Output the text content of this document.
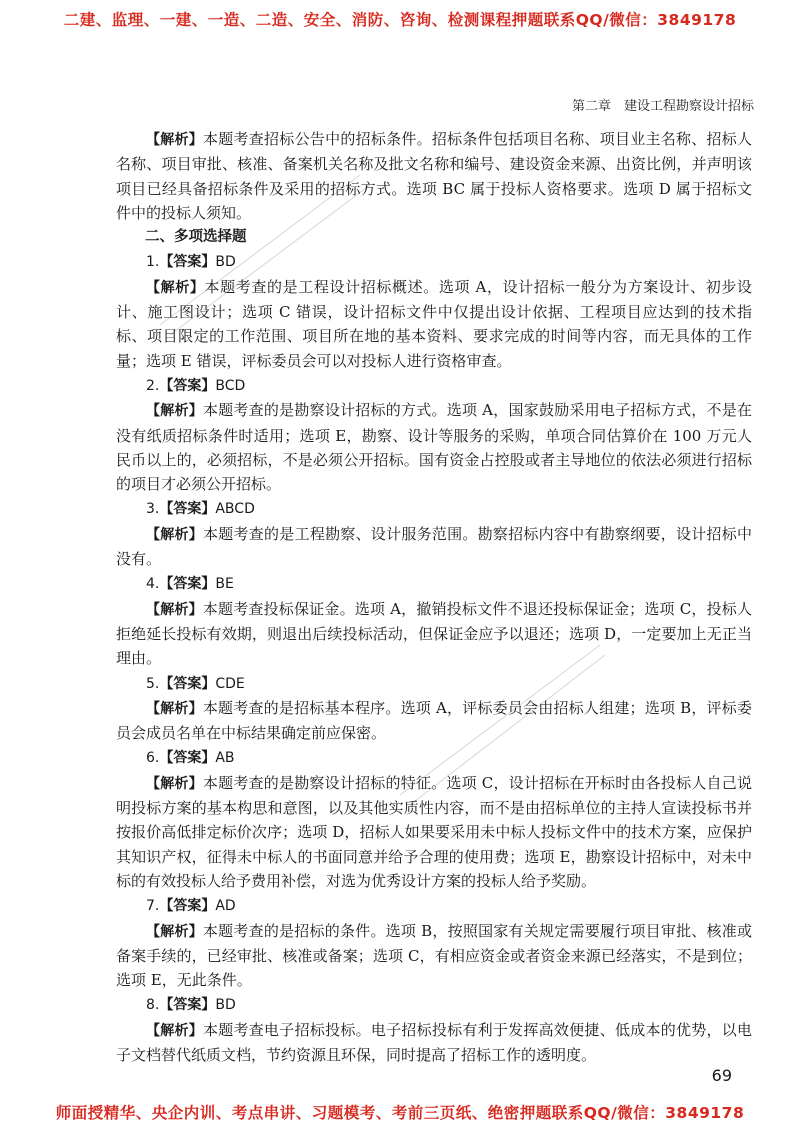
二建、监理、一建、一造、二造、安全、消防、咨询、检测课程押题联系QQ/微信：3849178
第二章　建设工程勘察设计招标

【解析】本题考查招标公告中的招标条件。招标条件包括项目名称、项目业主名称、招标人名称、项目审批、核准、备案机关名称及批文名称和编号、建设资金来源、出资比例，并声明该项目已经具备招标条件及采用的招标方式。选项 BC 属于投标人资格要求。选项 D 属于招标文件中的投标人须知。

二、多项选择题

1.【答案】BD

【解析】本题考查的是工程设计招标概述。选项 A，设计招标一般分为方案设计、初步设计、施工图设计；选项 C 错误，设计招标文件中仅提出设计依据、工程项目应达到的技术指标、项目限定的工作范围、项目所在地的基本资料、要求完成的时间等内容，而无具体的工作量；选项 E 错误，评标委员会可以对投标人进行资格审查。

2.【答案】BCD

【解析】本题考查的是勘察设计招标的方式。选项 A，国家鼓励采用电子招标方式，不是在没有纸质招标条件时适用；选项 E，勘察、设计等服务的采购，单项合同估算价在 100 万元人民币以上的，必须招标，不是必须公开招标。国有资金占控股或者主导地位的依法必须进行招标的项目才必须公开招标。

3.【答案】ABCD

【解析】本题考查的是工程勘察、设计服务范围。勘察招标内容中有勘察纲要，设计招标中没有。

4.【答案】BE

【解析】本题考查投标保证金。选项 A，撤销投标文件不退还投标保证金；选项 C，投标人拒绝延长投标有效期，则退出后续投标活动，但保证金应予以退还；选项 D，一定要加上无正当理由。

5.【答案】CDE

【解析】本题考查的是招标基本程序。选项 A，评标委员会由招标人组建；选项 B，评标委员会成员名单在中标结果确定前应保密。

6.【答案】AB

【解析】本题考查的是勘察设计招标的特征。选项 C，设计招标在开标时由各投标人自己说明投标方案的基本构思和意图，以及其他实质性内容，而不是由招标单位的主持人宣读投标书并按报价高低排定标价次序；选项 D，招标人如果要采用未中标人投标文件中的技术方案，应保护其知识产权，征得未中标人的书面同意并给予合理的使用费；选项 E，勘察设计招标中，对未中标的有效投标人给予费用补偿，对选为优秀设计方案的投标人给予奖励。

7.【答案】AD

【解析】本题考查的是招标的条件。选项 B，按照国家有关规定需要履行项目审批、核准或备案手续的，已经审批、核准或备案；选项 C，有相应资金或者资金来源已经落实，不是到位；选项 E，无此条件。

8.【答案】BD

【解析】本题考查电子招标投标。电子招标投标有利于发挥高效便捷、低成本的优势，以电子文档替代纸质文档，节约资源且环保，同时提高了招标工作的透明度。

69
师面授精华、央企内训、考点串讲、习题模考、考前三页纸、绝密押题联系QQ/微信：3849178
